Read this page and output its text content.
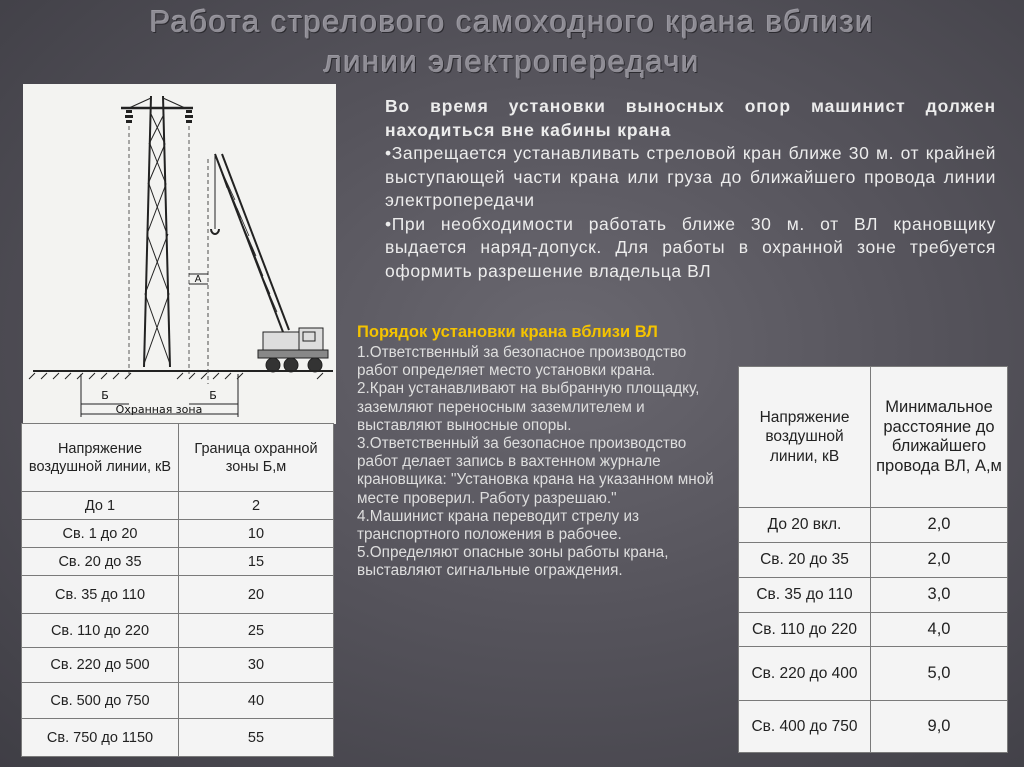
Работа стрелового самоходного крана вблизи
линии электропередачи
А
Б	Б
Охранная зона

Во время установки выносных опор машинист должен находиться вне кабины крана

•Запрещается устанавливать стреловой кран ближе 30 м. от крайней выступающей части крана или груза до ближайшего провода линии электропередачи

•При необходимости работать ближе 30 м. от ВЛ крановщику выдается наряд-допуск. Для работы в охранной зоне требуется оформить разрешение владельца ВЛ

Порядок установки крана вблизи ВЛ

1.Ответственный за безопасное производство работ определяет место установки крана.

2.Кран устанавливают на выбранную площадку, заземляют переносным заземлителем и выставляют выносные опоры.

3.Ответственный за безопасное производство работ делает запись в вахтенном журнале крановщика: "Установка крана на указанном мной месте проверил. Работу разрешаю."

4.Машинист крана переводит стрелу из транспортного положения в рабочее.

5.Определяют опасные зоны работы крана, выставляют сигнальные ограждения.

Напряжение воздушной линии, кВ	Граница охранной зоны Б,м
До 1	2
Св. 1 до 20	10
Св. 20 до 35	15
Св. 35 до 110	20
Св. 110 до 220	25
Св. 220 до 500	30
Св. 500 до 750	40
Св. 750 до 1150	55
Напряжение воздушной линии, кВ	Минимальное расстояние до ближайшего провода ВЛ, А,м
До 20 вкл.	2,0
Св. 20 до 35	2,0
Св. 35 до 110	3,0
Св. 110 до 220	4,0
Св. 220 до 400	5,0
Св. 400 до 750	9,0
